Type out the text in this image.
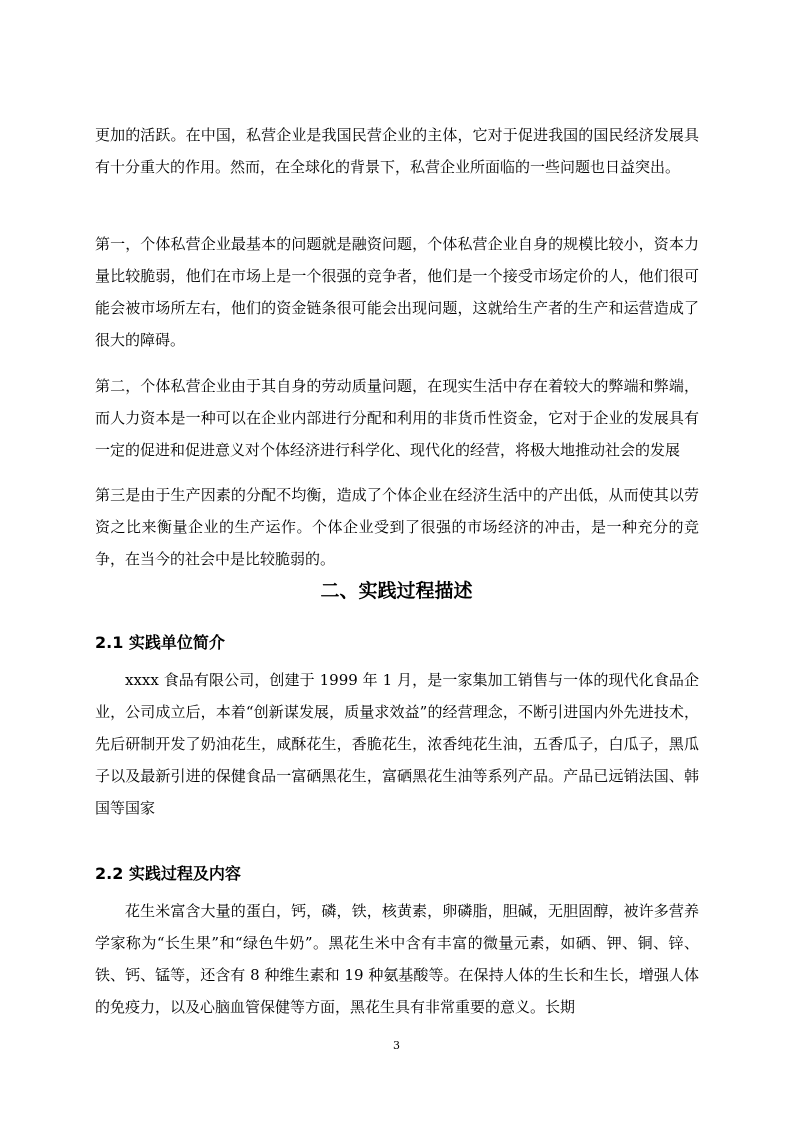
更加的活跃。在中国，私营企业是我国民营企业的主体，它对于促进我国的国民经济发展具有十分重大的作用。然而，在全球化的背景下，私营企业所面临的一些问题也日益突出。

第一，个体私营企业最基本的问题就是融资问题，个体私营企业自身的规模比较小，资本力量比较脆弱，他们在市场上是一个很强的竞争者，他们是一个接受市场定价的人，他们很可能会被市场所左右，他们的资金链条很可能会出现问题，这就给生产者的生产和运营造成了很大的障碍。

第二，个体私营企业由于其自身的劳动质量问题，在现实生活中存在着较大的弊端和弊端，而人力资本是一种可以在企业内部进行分配和利用的非货币性资金，它对于企业的发展具有一定的促进和促进意义对个体经济进行科学化、现代化的经营，将极大地推动社会的发展

第三是由于生产因素的分配不均衡，造成了个体企业在经济生活中的产出低，从而使其以劳资之比来衡量企业的生产运作。个体企业受到了很强的市场经济的冲击，是一种充分的竞争，在当今的社会中是比较脆弱的。

二、实践过程描述
2.1 实践单位简介

xxxx 食品有限公司，创建于 1999 年 1 月，是一家集加工销售与一体的现代化食品企业，公司成立后，本着“创新谋发展，质量求效益”的经营理念，不断引进国内外先进技术，先后研制开发了奶油花生，咸酥花生，香脆花生，浓香纯花生油，五香瓜子，白瓜子，黑瓜子以及最新引进的保健食品一富硒黑花生，富硒黑花生油等系列产品。产品已远销法国、韩国等国家

2.2 实践过程及内容

花生米富含大量的蛋白，钙，磷，铁，核黄素，卵磷脂，胆碱，无胆固醇，被许多营养学家称为“长生果”和“绿色牛奶”。黑花生米中含有丰富的微量元素，如硒、钾、铜、锌、铁、钙、锰等，还含有 8 种维生素和 19 种氨基酸等。在保持人体的生长和生长，增强人体的免疫力，以及心脑血管保健等方面，黑花生具有非常重要的意义。长期

3
